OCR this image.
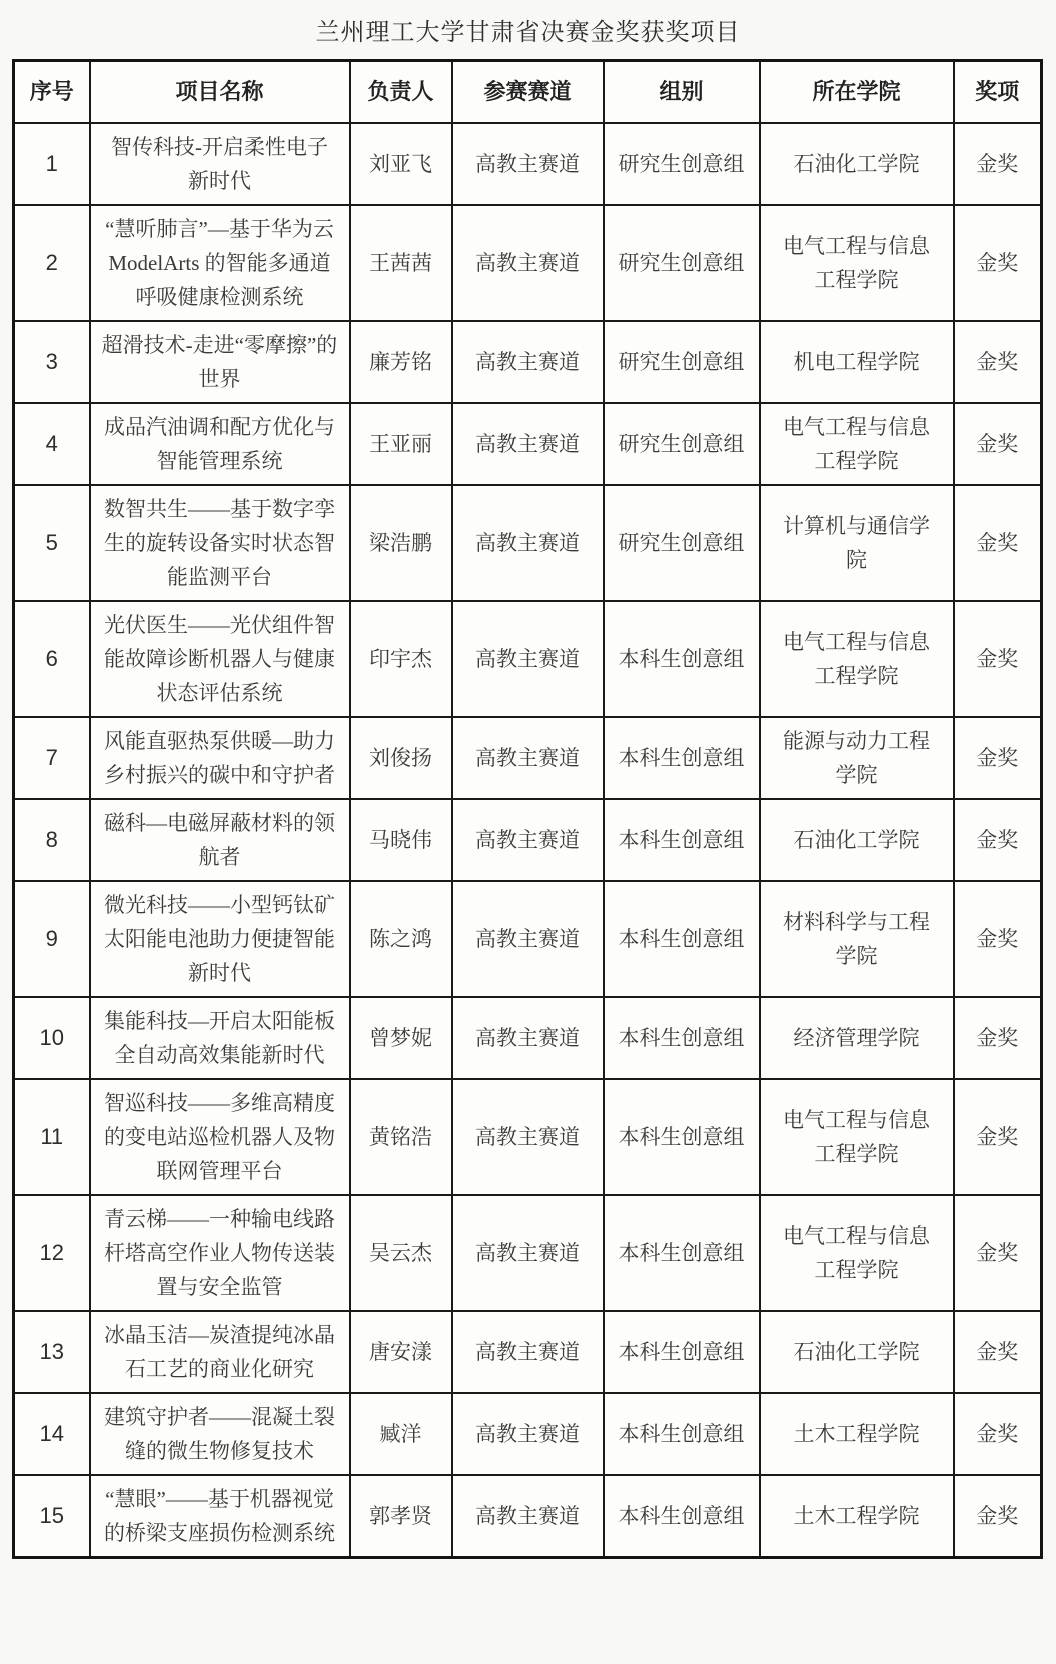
兰州理工大学甘肃省决赛金奖获奖项目
序号	项目名称	负责人	参赛赛道	组别	所在学院	奖项
1	智传科技-开启柔性电子新时代	刘亚飞	高教主赛道	研究生创意组	石油化工学院	金奖
2	“慧听肺言”—基于华为云 ModelArts 的智能多通道呼吸健康检测系统	王茜茜	高教主赛道	研究生创意组	电气工程与信息工程学院	金奖
3	超滑技术-走进“零摩擦”的世界	廉芳铭	高教主赛道	研究生创意组	机电工程学院	金奖
4	成品汽油调和配方优化与智能管理系统	王亚丽	高教主赛道	研究生创意组	电气工程与信息工程学院	金奖
5	数智共生——基于数字孪生的旋转设备实时状态智能监测平台	梁浩鹏	高教主赛道	研究生创意组	计算机与通信学院	金奖
6	光伏医生——光伏组件智能故障诊断机器人与健康状态评估系统	印宇杰	高教主赛道	本科生创意组	电气工程与信息工程学院	金奖
7	风能直驱热泵供暖—助力乡村振兴的碳中和守护者	刘俊扬	高教主赛道	本科生创意组	能源与动力工程学院	金奖
8	磁科—电磁屏蔽材料的领航者	马晓伟	高教主赛道	本科生创意组	石油化工学院	金奖
9	微光科技——小型钙钛矿太阳能电池助力便捷智能新时代	陈之鸿	高教主赛道	本科生创意组	材料科学与工程学院	金奖
10	集能科技—开启太阳能板全自动高效集能新时代	曾梦妮	高教主赛道	本科生创意组	经济管理学院	金奖
11	智巡科技——多维高精度的变电站巡检机器人及物联网管理平台	黄铭浩	高教主赛道	本科生创意组	电气工程与信息工程学院	金奖
12	青云梯——一种输电线路杆塔高空作业人物传送装置与安全监管	吴云杰	高教主赛道	本科生创意组	电气工程与信息工程学院	金奖
13	冰晶玉洁—炭渣提纯冰晶石工艺的商业化研究	唐安漾	高教主赛道	本科生创意组	石油化工学院	金奖
14	建筑守护者——混凝土裂缝的微生物修复技术	臧洋	高教主赛道	本科生创意组	土木工程学院	金奖
15	“慧眼”——基于机器视觉的桥梁支座损伤检测系统	郭孝贤	高教主赛道	本科生创意组	土木工程学院	金奖
